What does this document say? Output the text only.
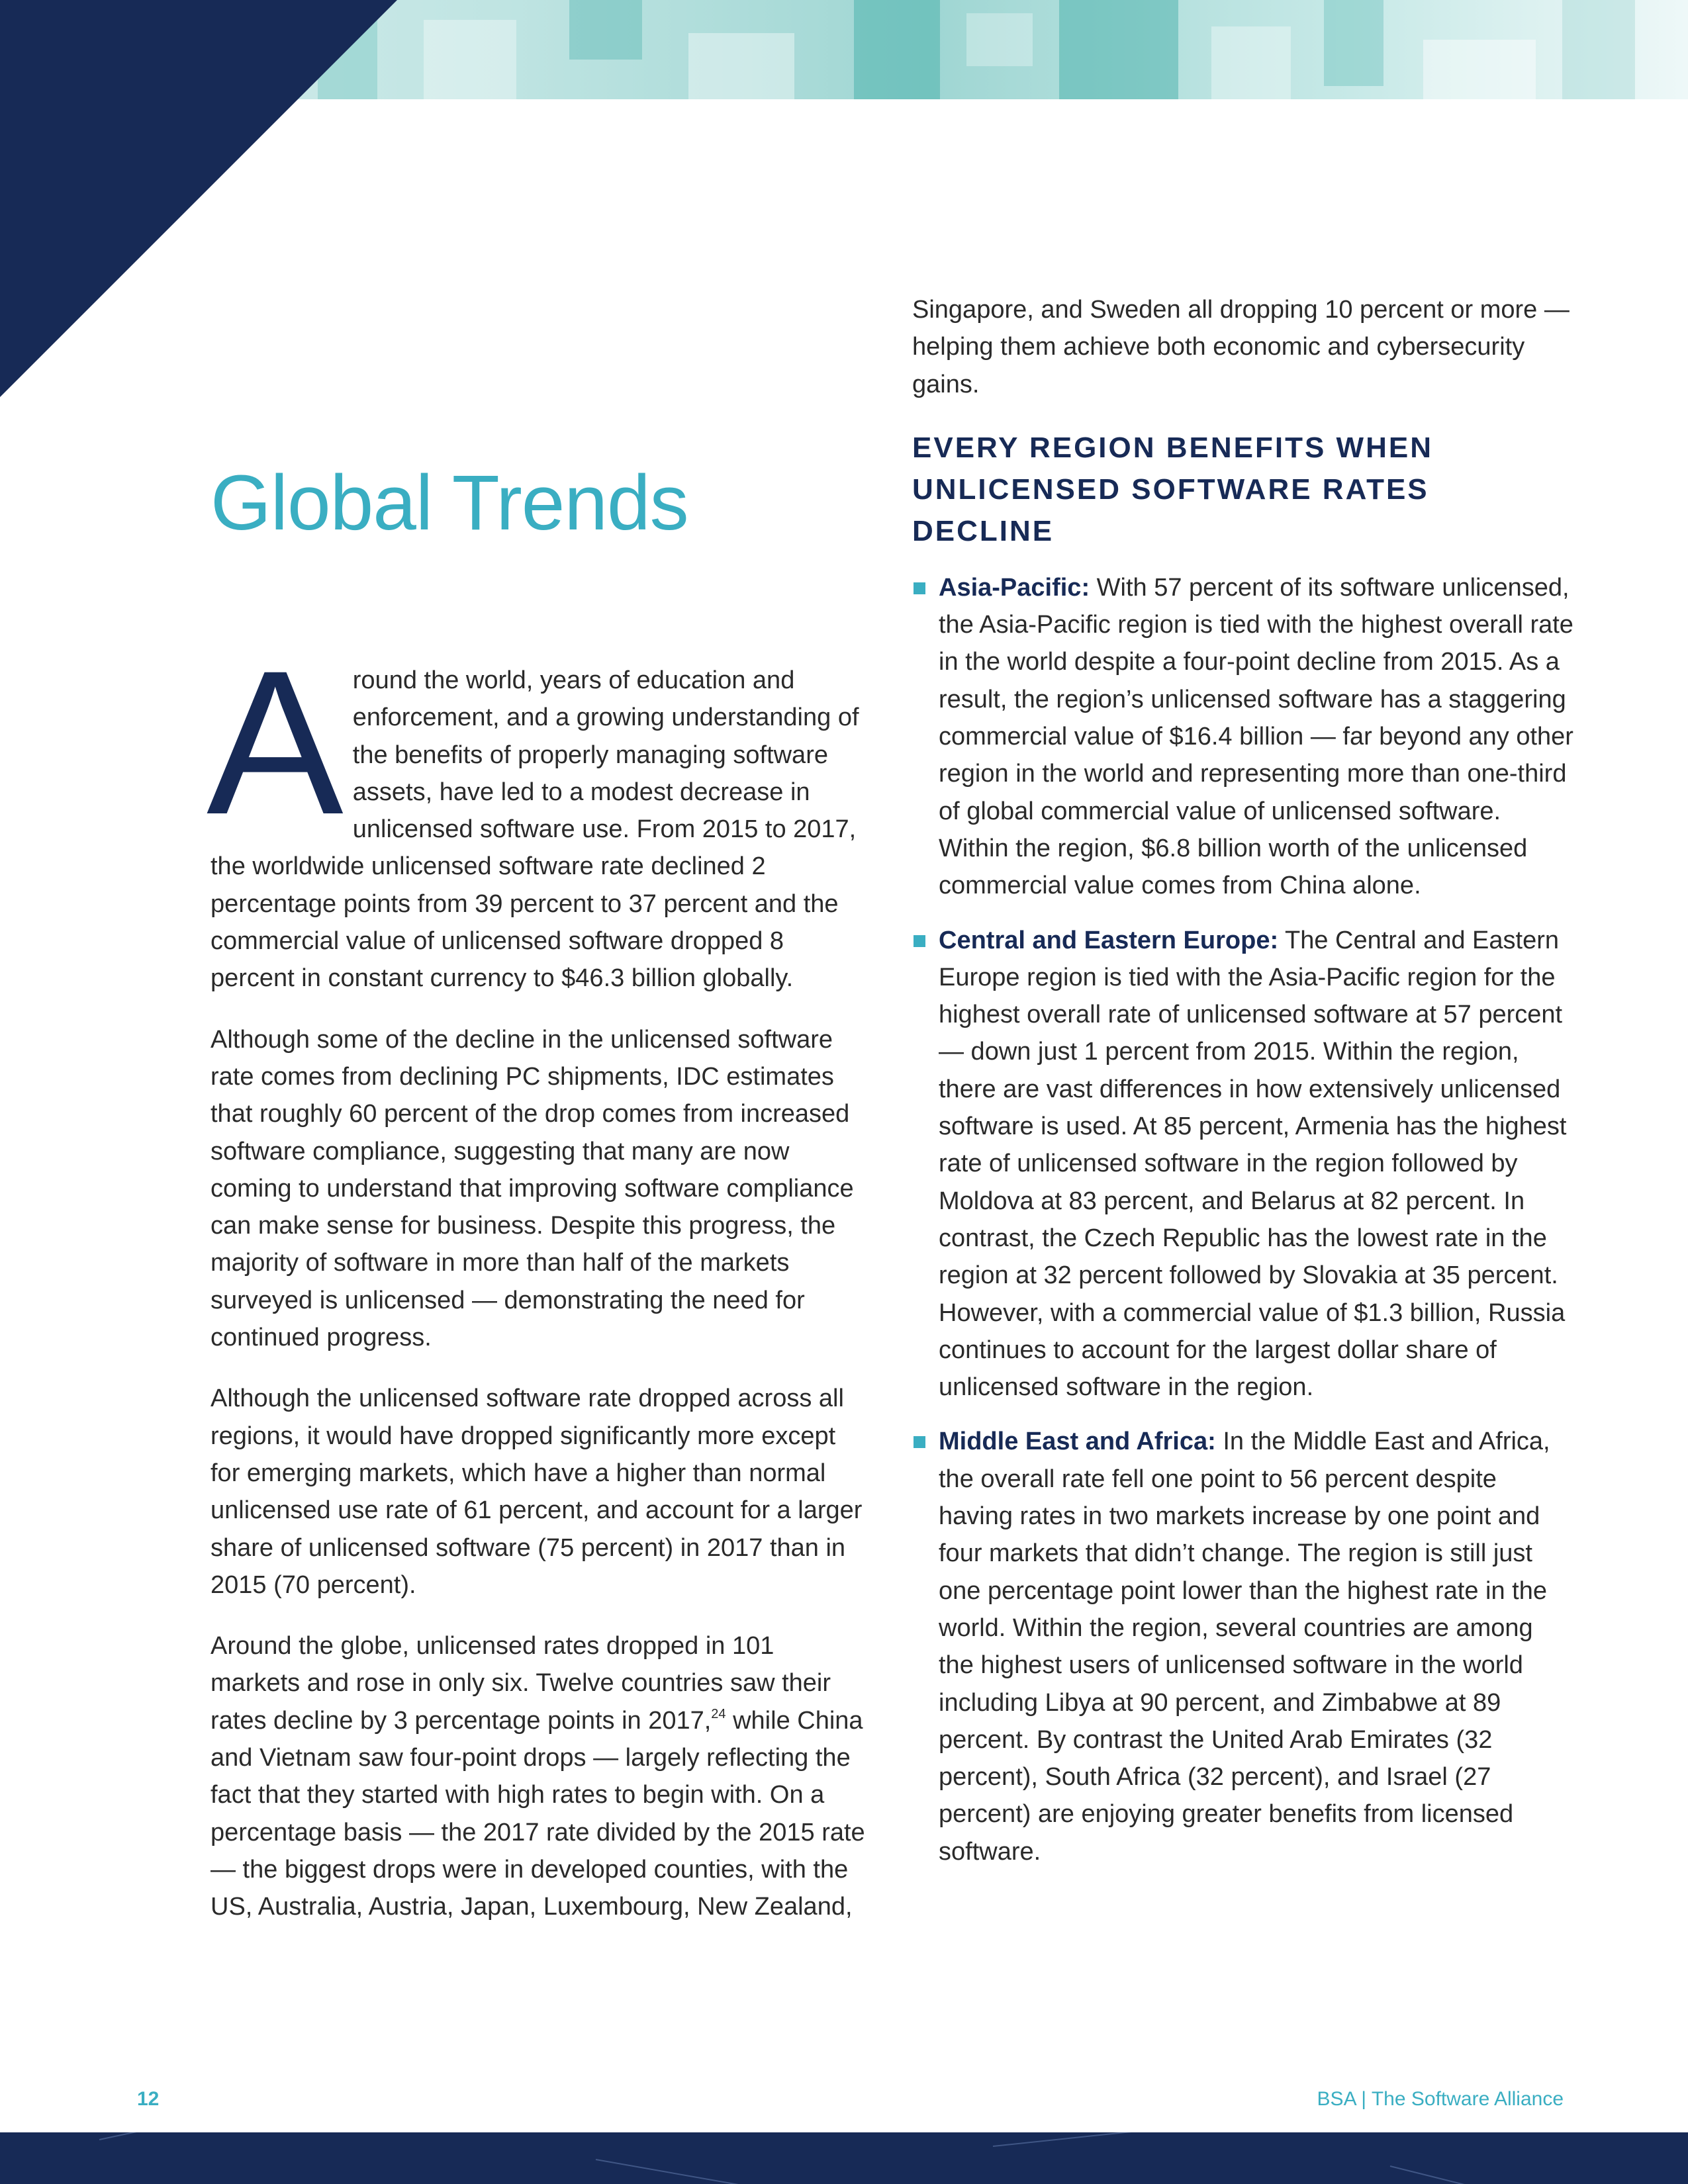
Global Trends

Singapore, and Sweden all dropping 10 percent or more — helping them achieve both economic and cybersecurity gains.

EVERY REGION BENEFITS WHEN UNLICENSED SOFTWARE RATES DECLINE
Asia-Pacific: With 57 percent of its software unlicensed, the Asia-Pacific region is tied with the highest overall rate in the world despite a four-point decline from 2015. As a result, the region’s unlicensed software has a staggering commercial value of $16.4 billion — far beyond any other region in the world and representing more than one-third of global commercial value of unlicensed software. Within the region, $6.8 billion worth of the unlicensed commercial value comes from China alone.
Central and Eastern Europe: The Central and Eastern Europe region is tied with the Asia-Pacific region for the highest overall rate of unlicensed software at 57 percent — down just 1 percent from 2015. Within the region, there are vast differences in how extensively unlicensed software is used. At 85 percent, Armenia has the highest rate of unlicensed software in the region followed by Moldova at 83 percent, and Belarus at 82 percent. In contrast, the Czech Republic has the lowest rate in the region at 32 percent followed by Slovakia at 35 percent. However, with a commercial value of $1.3 billion, Russia continues to account for the largest dollar share of unlicensed software in the region.
Middle East and Africa: In the Middle East and Africa, the overall rate fell one point to 56 percent despite having rates in two markets increase by one point and four markets that didn’t change. The region is still just one percentage point lower than the highest rate in the world. Within the region, several countries are among the highest users of unlicensed software in the world including Libya at 90 percent, and Zimbabwe at 89 percent. By contrast the United Arab Emirates (32 percent), South Africa (32 percent), and Israel (27 percent) are enjoying greater benefits from licensed software.

Around the world, years of education and enforcement, and a growing understanding of the benefits of properly managing software assets, have led to a modest decrease in unlicensed software use. From 2015 to 2017, the worldwide unlicensed software rate declined 2 percentage points from 39 percent to 37 percent and the commercial value of unlicensed software dropped 8 percent in constant currency to $46.3 billion globally.

Although some of the decline in the unlicensed software rate comes from declining PC shipments, IDC estimates that roughly 60 percent of the drop comes from increased software compliance, suggesting that many are now coming to understand that improving software compliance can make sense for business. Despite this progress, the majority of software in more than half of the markets surveyed is unlicensed — demonstrating the need for continued progress.

Although the unlicensed software rate dropped across all regions, it would have dropped significantly more except for emerging markets, which have a higher than normal unlicensed use rate of 61 percent, and account for a larger share of unlicensed software (75 percent) in 2017 than in 2015 (70 percent).

Around the globe, unlicensed rates dropped in 101 markets and rose in only six. Twelve countries saw their rates decline by 3 percentage points in 2017,24 while China and Vietnam saw four-point drops — largely reflecting the fact that they started with high rates to begin with. On a percentage basis — the 2017 rate divided by the 2015 rate — the biggest drops were in developed counties, with the US, Australia, Austria, Japan, Luxembourg, New Zealand,

12	BSA | The Software Alliance
